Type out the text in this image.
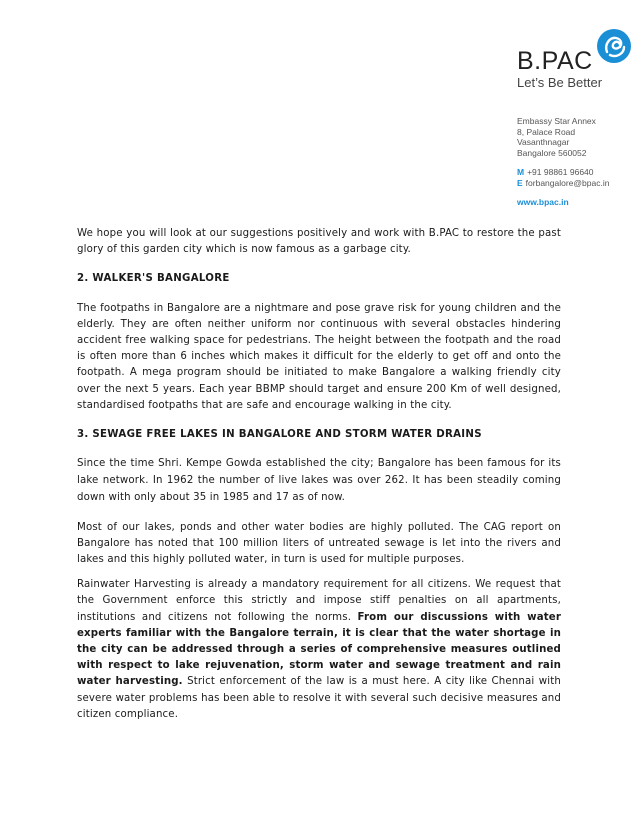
B.PAC
Let’s Be Better
Embassy Star Annex
8, Palace Road
Vasanthnagar
Bangalore 560052
M +91 98861 96640
E forbangalore@bpac.in
www.bpac.in

We hope you will look at our suggestions positively and work with B.PAC to restore the past glory of this garden city which is now famous as a garbage city.

2. WALKER'S BANGALORE

The footpaths in Bangalore are a nightmare and pose grave risk for young children and the elderly. They are often neither uniform nor continuous with several obstacles hindering accident free walking space for pedestrians. The height between the footpath and the road is often more than 6 inches which makes it difficult for the elderly to get off and onto the footpath. A mega program should be initiated to make Bangalore a walking friendly city over the next 5 years. Each year BBMP should target and ensure 200 Km of well designed, standardised footpaths that are safe and encourage walking in the city.

3. SEWAGE FREE LAKES IN BANGALORE AND STORM WATER DRAINS

Since the time Shri. Kempe Gowda established the city; Bangalore has been famous for its lake network. In 1962 the number of live lakes was over 262. It has been steadily coming down with only about 35 in 1985 and 17 as of now.

Most of our lakes, ponds and other water bodies are highly polluted. The CAG report on Bangalore has noted that 100 million liters of untreated sewage is let into the rivers and lakes and this highly polluted water, in turn is used for multiple purposes.

Rainwater Harvesting is already a mandatory requirement for all citizens. We request that the Government enforce this strictly and impose stiff penalties on all apartments, institutions and citizens not following the norms. From our discussions with water experts familiar with the Bangalore terrain, it is clear that the water shortage in the city can be addressed through a series of comprehensive measures outlined with respect to lake rejuvenation, storm water and sewage treatment and rain water harvesting. Strict enforcement of the law is a must here. A city like Chennai with severe water problems has been able to resolve it with several such decisive measures and citizen compliance.
